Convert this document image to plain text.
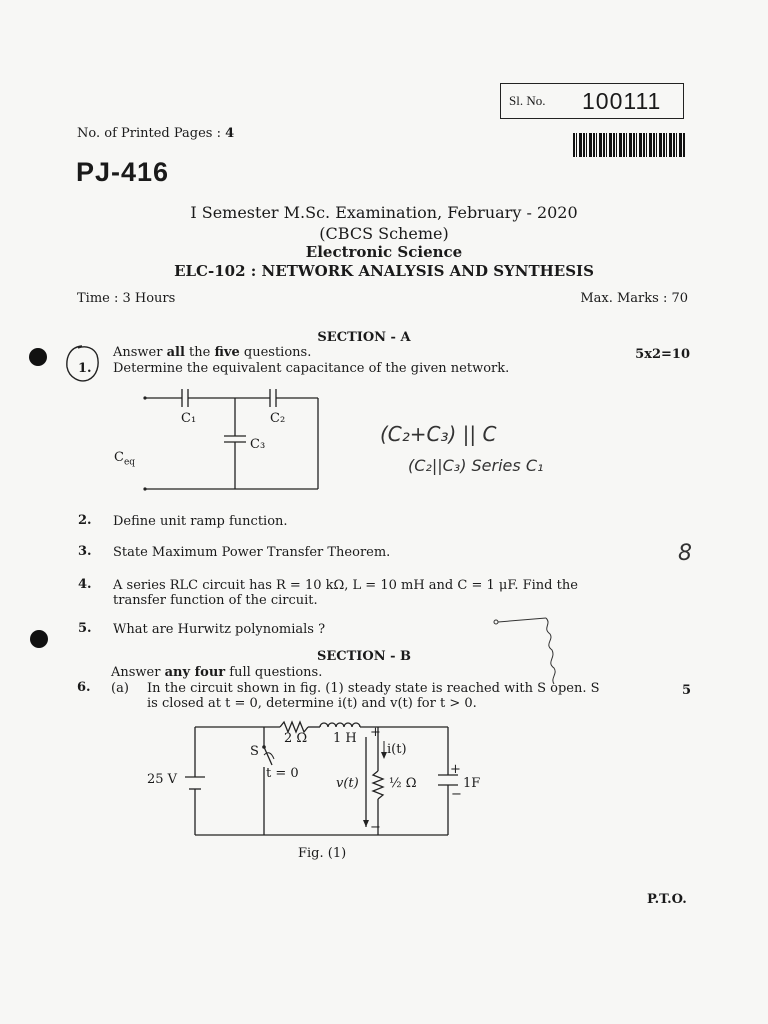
Sl. No. 100111
No. of Printed Pages : 4
PJ-416
I Semester M.Sc. Examination, February - 2020
(CBCS Scheme)
Electronic Science
ELC-102 : NETWORK ANALYSIS AND SYNTHESIS
Time : 3 Hours	Max. Marks : 70
SECTION - A
Answer all the five questions.	5x2=10
1. Determine the equivalent capacitance of the given network.
C₁	C₂
C₃
$C_{eq}$
(C₂+C₃) || C
(C₂||C₃) Series C₁
2. Define unit ramp function.
3. State Maximum Power Transfer Theorem.	8
4. A series RLC circuit has R = 10 kΩ, L = 10 mH and C = 1 μF. Find the
transfer function of the circuit.
5. What are Hurwitz polynomials ?
SECTION - B
Answer any four full questions.
6. (a) In the circuit shown in fig. (1) steady state is reached with S open. S
is closed at t = 0, determine i(t) and v(t) for t > 0.
5
25 V
S
t = 0
2 Ω 1 H +
i(t)
v(t) ½ Ω
−
+
−
1F
Fig. (1)
P.T.O.
